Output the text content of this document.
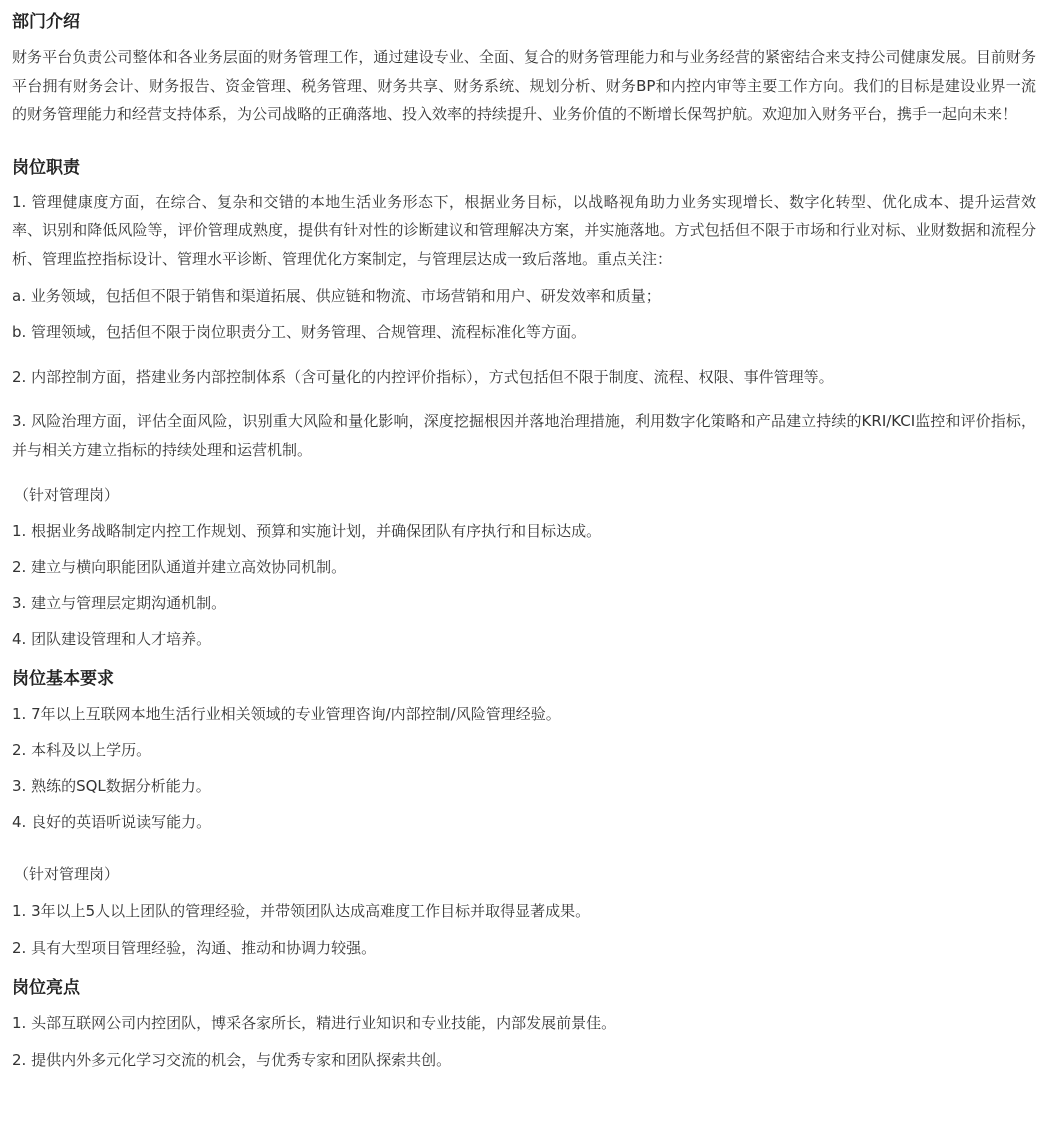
部门介绍

财务平台负责公司整体和各业务层面的财务管理工作，通过建设专业、全面、复合的财务管理能力和与业务经营的紧密结合来支持公司健康发展。目前财务平台拥有财务会计、财务报告、资金管理、税务管理、财务共享、财务系统、规划分析、财务BP和内控内审等主要工作方向。我们的目标是建设业界一流的财务管理能力和经营支持体系，为公司战略的正确落地、投入效率的持续提升、业务价值的不断增长保驾护航。欢迎加入财务平台，携手一起向未来！

岗位职责

1. 管理健康度方面，在综合、复杂和交错的本地生活业务形态下，根据业务目标，以战略视角助力业务实现增长、数字化转型、优化成本、提升运营效率、识别和降低风险等，评价管理成熟度，提供有针对性的诊断建议和管理解决方案，并实施落地。方式包括但不限于市场和行业对标、业财数据和流程分析、管理监控指标设计、管理水平诊断、管理优化方案制定，与管理层达成一致后落地。重点关注：

a. 业务领域，包括但不限于销售和渠道拓展、供应链和物流、市场营销和用户、研发效率和质量；

b. 管理领域，包括但不限于岗位职责分工、财务管理、合规管理、流程标准化等方面。

2. 内部控制方面，搭建业务内部控制体系（含可量化的内控评价指标），方式包括但不限于制度、流程、权限、事件管理等。

3. 风险治理方面，评估全面风险，识别重大风险和量化影响，深度挖掘根因并落地治理措施，利用数字化策略和产品建立持续的KRI/KCI监控和评价指标，并与相关方建立指标的持续处理和运营机制。

（针对管理岗）

1. 根据业务战略制定内控工作规划、预算和实施计划，并确保团队有序执行和目标达成。

2. 建立与横向职能团队通道并建立高效协同机制。

3. 建立与管理层定期沟通机制。

4. 团队建设管理和人才培养。

岗位基本要求

1. 7年以上互联网本地生活行业相关领域的专业管理咨询/内部控制/风险管理经验。

2. 本科及以上学历。

3. 熟练的SQL数据分析能力。

4. 良好的英语听说读写能力。

（针对管理岗）

1. 3年以上5人以上团队的管理经验，并带领团队达成高难度工作目标并取得显著成果。

2. 具有大型项目管理经验，沟通、推动和协调力较强。

岗位亮点

1. 头部互联网公司内控团队，博采各家所长，精进行业知识和专业技能，内部发展前景佳。

2. 提供内外多元化学习交流的机会，与优秀专家和团队探索共创。
